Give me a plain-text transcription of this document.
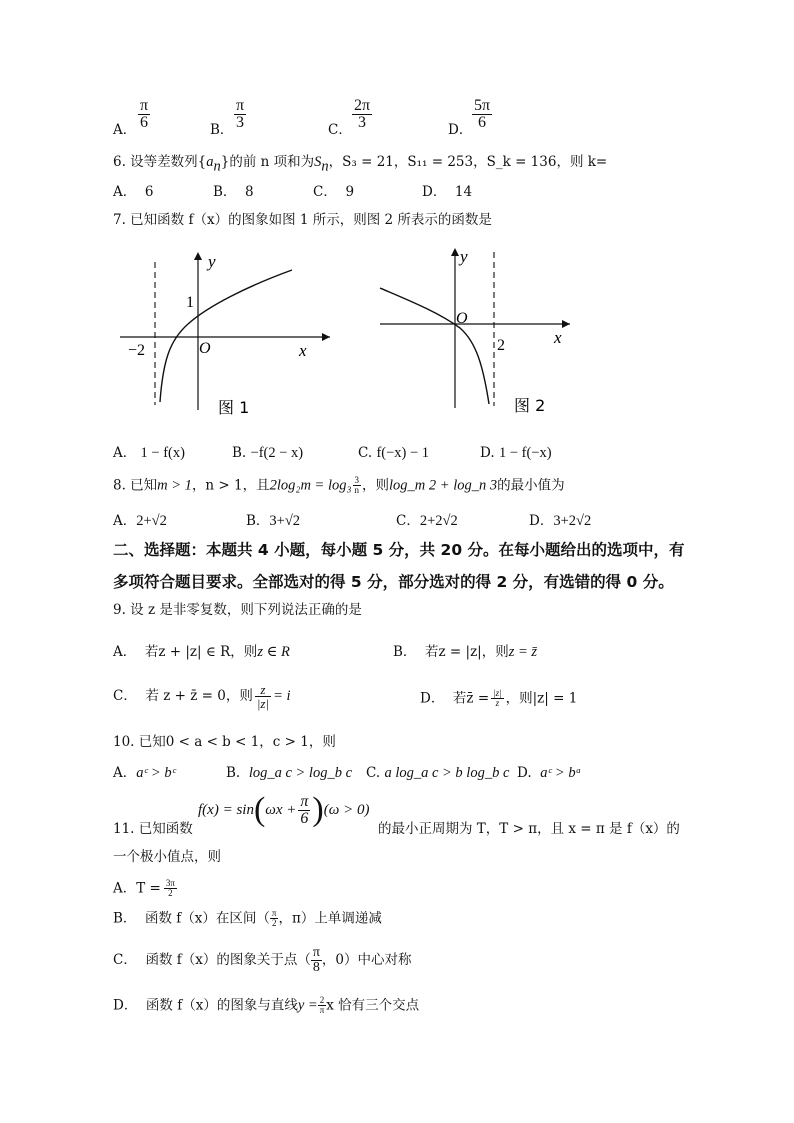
A． $\frac{\pi}{6}$	B． $\frac{\pi}{3}$	C． $\frac{2\pi}{3}$	D． $\frac{5\pi}{6}$
6. 设等差数列$\{a_n\}$的前 n 项和为$S_n$，S₃ = 21，S₁₁ = 253，S_k = 136，则 k=
A． 6	B． 8	C． 9	D． 14
7. 已知函数 f（x）的图象如图 1 所示，则图 2 所表示的函数是
y
x
O
1
−2
图 1
y
x
O
2
图 2
A． 1 − f(x)	B. −f(2 − x)	C. f(−x) − 1	D. 1 − f(−x)
8. 已知m > 1，n > 1，且$2\log_2m = \log_3 \frac{3}{n}$ ，则log_m 2 + log_n 3的最小值为
A．2+√2	B．3+√2	C．2+2√2	D．3+2√2
二、选择题：本题共 4 小题，每小题 5 分，共 20 分。在每小题给出的选项中，有
多项符合题目要求。全部选对的得 5 分，部分选对的得 2 分，有选错的得 0 分。
9. 设 z 是非零复数，则下列说法正确的是
A． 若z + |z| ∈ R，则z ∈ R	B． 若z = |z|，则z = z̄
C． 若 z + z̄ = 0，则 $\frac{z}{|z|} = i$	D． 若z̄ = $\frac{|z|}{z}$ ，则|z| = 1
10. 已知0 < a < b < 1，c > 1，则
A．aᶜ > bᶜ	B. log_a c > log_b c C. a log_a c > b log_b c D. aᶜ > bᵃ
$f(x) = \sin(\omega x + \frac{\pi}{6} )(\omega > 0)$
11. 已知函数	的最小正周期为 T，T > π，且 x = π 是 f（x）的
一个极小值点，则
A．$T = \frac{3\pi}{2}$
B． 函数 f（x）在区间（ $\frac{\pi}{2}$ ，π）上单调递减
C． 函数 f（x）的图象关于点（ $\frac{\pi}{8}$ ，0）中心对称
D． 函数 f（x）的图象与直线$y = \frac{2}{\pi}$ x 恰有三个交点
